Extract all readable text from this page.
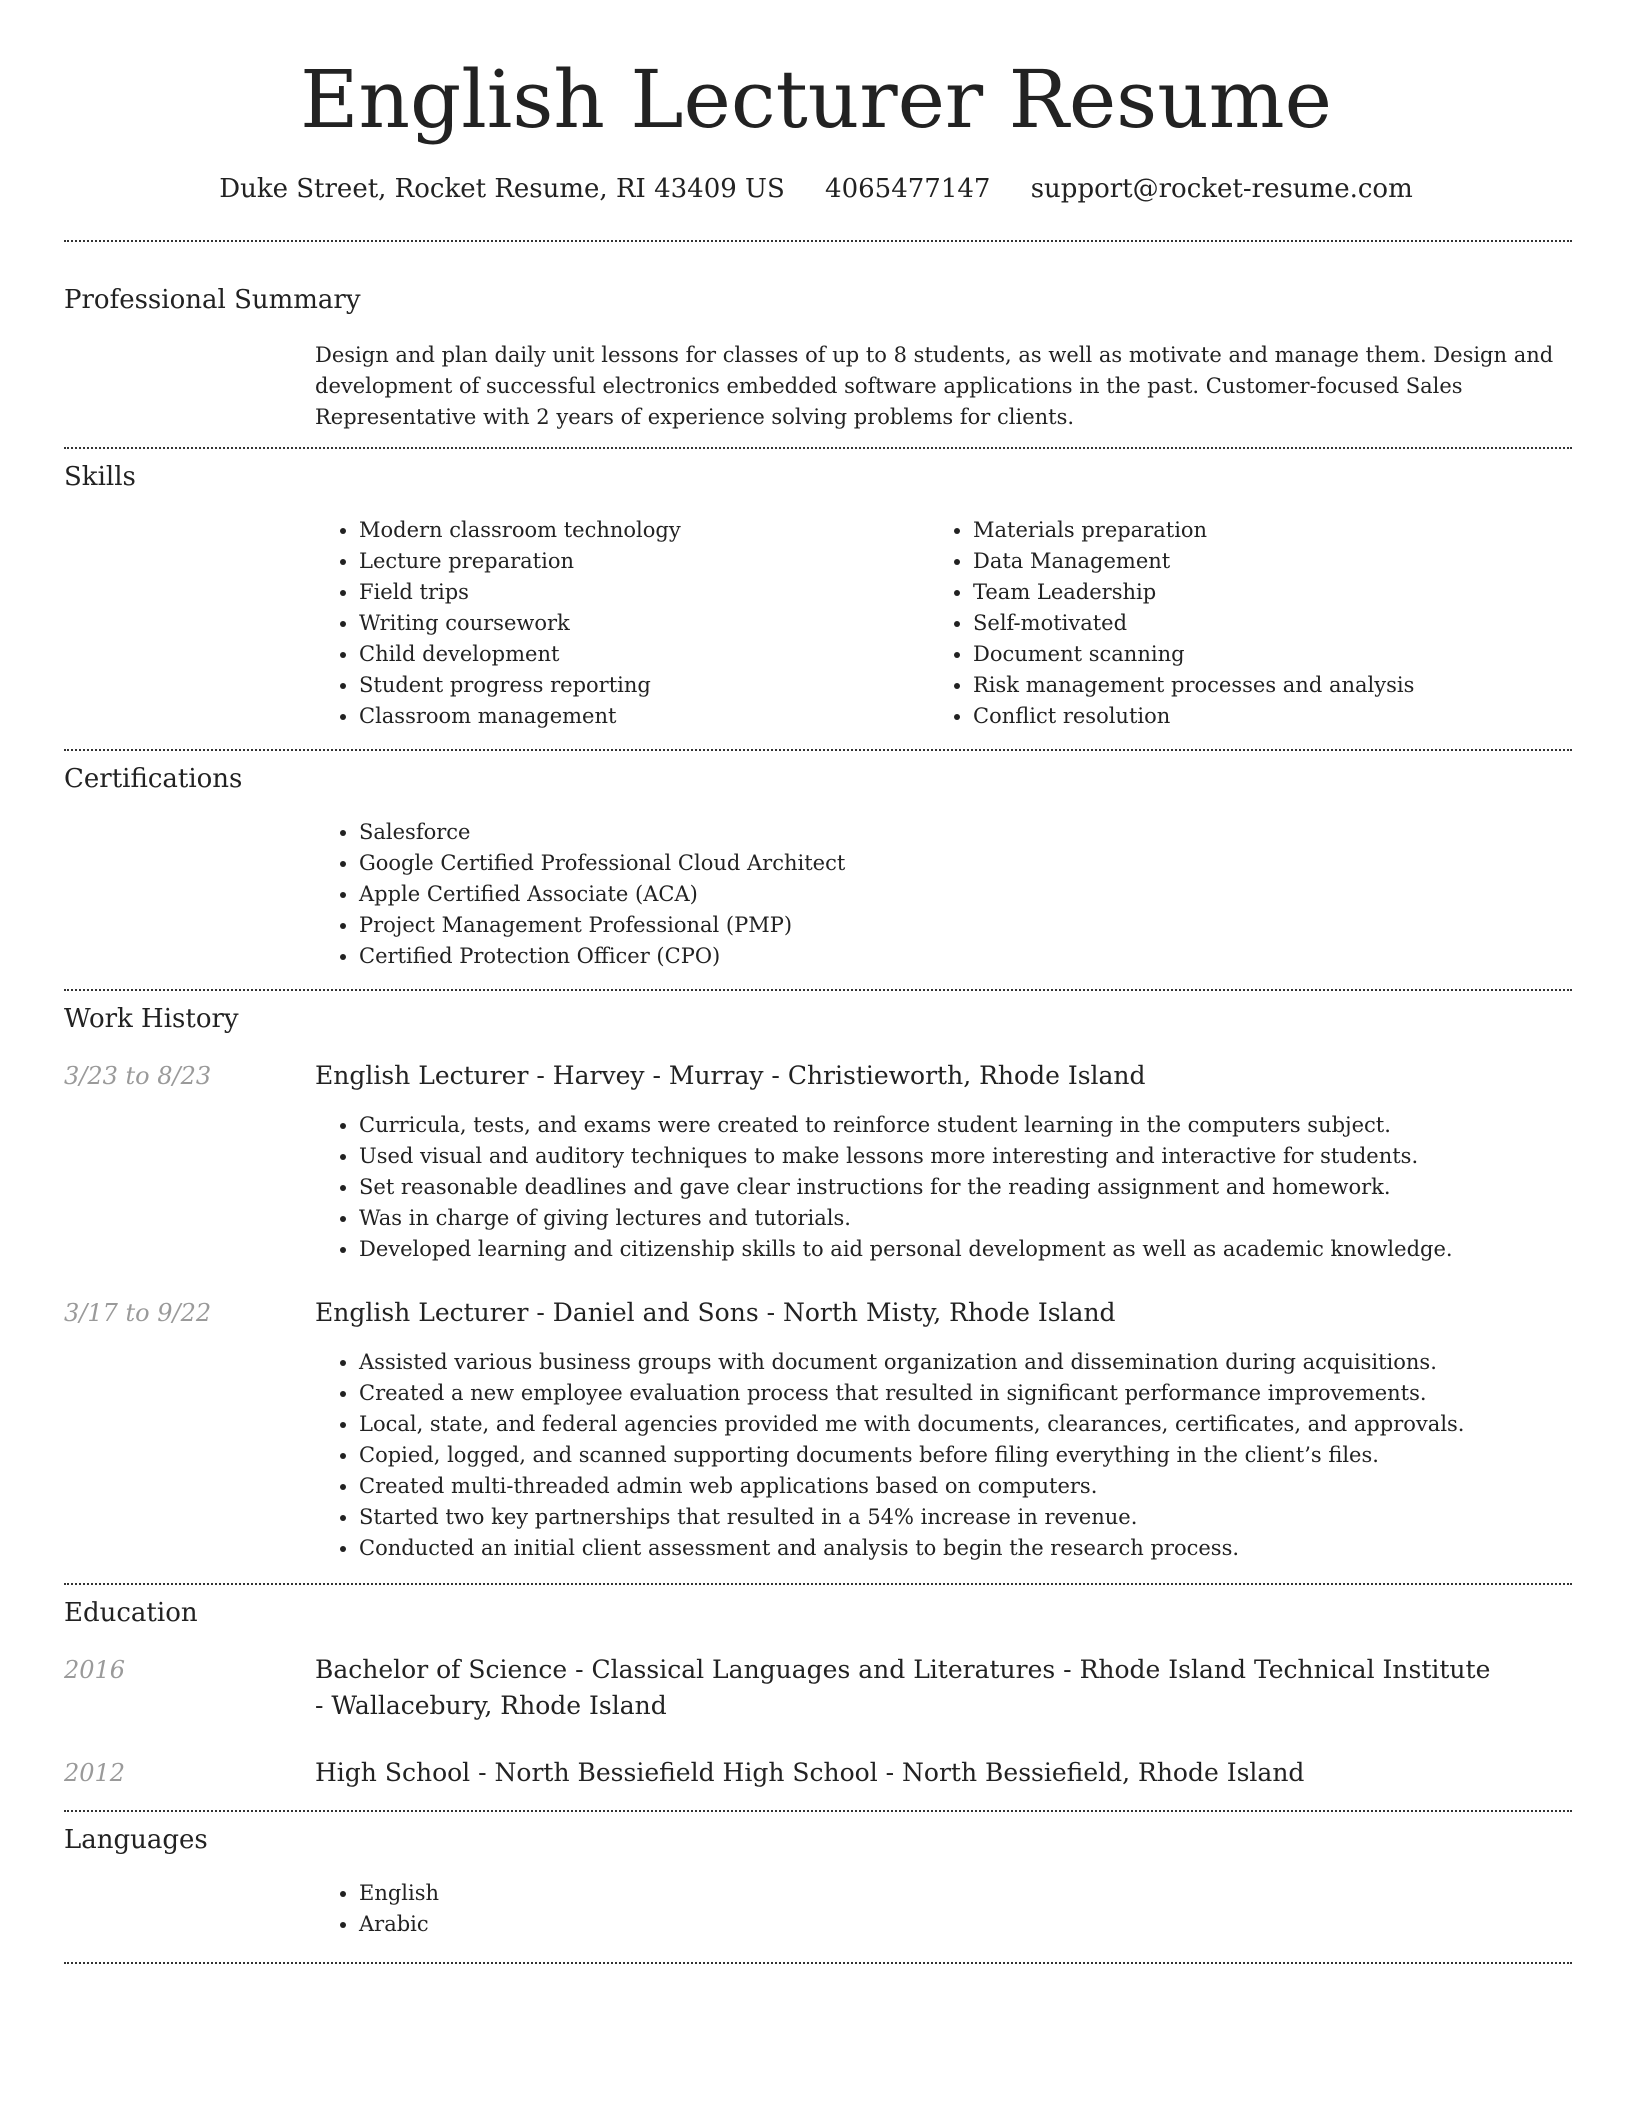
English Lecturer Resume
Duke Street, Rocket Resume, RI 43409 US 4065477147 support@rocket-resume.com
Professional Summary

Design and plan daily unit lessons for classes of up to 8 students, as well as motivate and manage them. Design and development of successful electronics embedded software applications in the past. Customer-focused Sales Representative with 2 years of experience solving problems for clients.

Skills
• Modern classroom technology
• Lecture preparation
• Field trips
• Writing coursework
• Child development
• Student progress reporting
• Classroom management
• Materials preparation
• Data Management
• Team Leadership
• Self-motivated
• Document scanning
• Risk management processes and analysis
• Conflict resolution
Certifications
• Salesforce
• Google Certified Professional Cloud Architect
• Apple Certified Associate (ACA)
• Project Management Professional (PMP)
• Certified Protection Officer (CPO)
Work History
3/23 to 8/23	English Lecturer - Harvey - Murray - Christieworth, Rhode Island
• Curricula, tests, and exams were created to reinforce student learning in the computers subject.
• Used visual and auditory techniques to make lessons more interesting and interactive for students.
• Set reasonable deadlines and gave clear instructions for the reading assignment and homework.
• Was in charge of giving lectures and tutorials.
• Developed learning and citizenship skills to aid personal development as well as academic knowledge.
3/17 to 9/22	English Lecturer - Daniel and Sons - North Misty, Rhode Island
• Assisted various business groups with document organization and dissemination during acquisitions.
• Created a new employee evaluation process that resulted in significant performance improvements.
• Local, state, and federal agencies provided me with documents, clearances, certificates, and approvals.
• Copied, logged, and scanned supporting documents before filing everything in the client’s files.
• Created multi-threaded admin web applications based on computers.
• Started two key partnerships that resulted in a 54% increase in revenue.
• Conducted an initial client assessment and analysis to begin the research process.
Education
2016	Bachelor of Science - Classical Languages and Literatures - Rhode Island Technical Institute - Wallacebury, Rhode Island
2012	High School - North Bessiefield High School - North Bessiefield, Rhode Island
Languages
• English
• Arabic
